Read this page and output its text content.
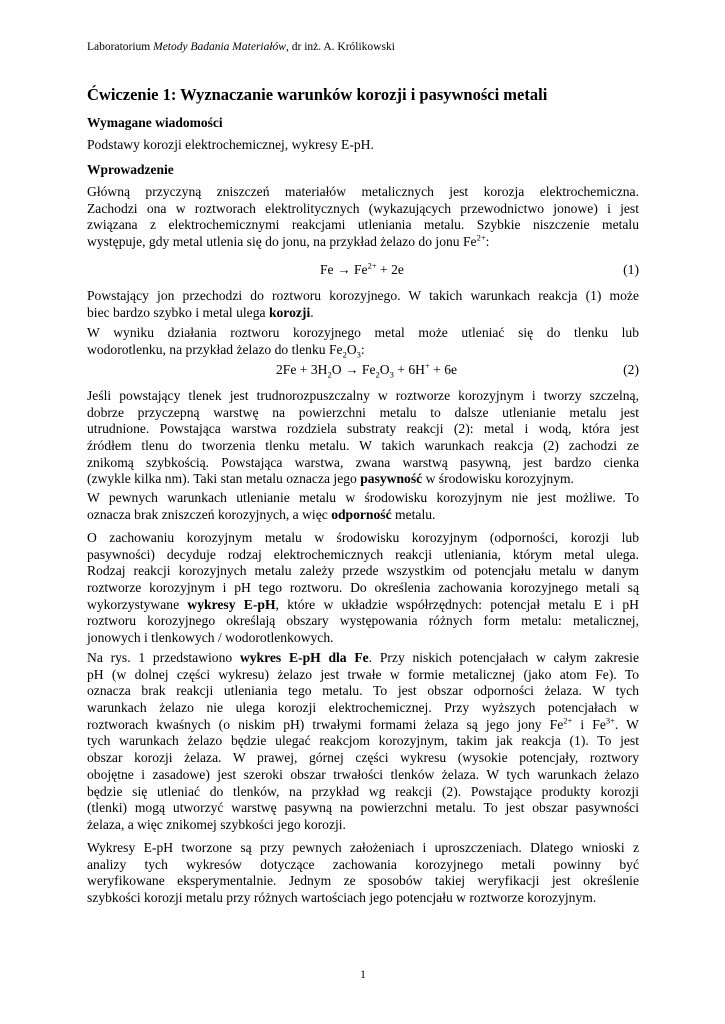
Laboratorium Metody Badania Materiałów, dr inż. A. Królikowski
Ćwiczenie 1: Wyznaczanie warunków korozji i pasywności metali
Wymagane wiadomości
Podstawy korozji elektrochemicznej, wykresy E-pH.
Wprowadzenie
Główną przyczyną zniszczeń materiałów metalicznych jest korozja elektrochemiczna.
Zachodzi ona w roztworach elektrolitycznych (wykazujących przewodnictwo jonowe) i jest
związana z elektrochemicznymi reakcjami utleniania metalu. Szybkie niszczenie metalu
występuje, gdy metal utlenia się do jonu, na przykład żelazo do jonu $Fe^{2+}$:
$Fe \to Fe^{2+} + 2e$	(1)
Powstający jon przechodzi do roztworu korozyjnego. W takich warunkach reakcja (1) może
biec bardzo szybko i metal ulega korozji.
W wyniku działania roztworu korozyjnego metal może utleniać się do tlenku lub
wodorotlenku, na przykład żelazo do tlenku $Fe_2O_3$:
$2Fe + 3H_2O \to Fe_2O_3 + 6H^+ + 6e$	(2)
Jeśli powstający tlenek jest trudnorozpuszczalny w roztworze korozyjnym i tworzy szczelną,
dobrze przyczepną warstwę na powierzchni metalu to dalsze utlenianie metalu jest
utrudnione. Powstająca warstwa rozdziela substraty reakcji (2): metal i wodą, która jest
źródłem tlenu do tworzenia tlenku metalu. W takich warunkach reakcja (2) zachodzi ze
znikomą szybkością. Powstająca warstwa, zwana warstwą pasywną, jest bardzo cienka
(zwykle kilka nm). Taki stan metalu oznacza jego pasywność w środowisku korozyjnym.
W pewnych warunkach utlenianie metalu w środowisku korozyjnym nie jest możliwe. To
oznacza brak zniszczeń korozyjnych, a więc odporność metalu.
O zachowaniu korozyjnym metalu w środowisku korozyjnym (odporności, korozji lub
pasywności) decyduje rodzaj elektrochemicznych reakcji utleniania, którym metal ulega.
Rodzaj reakcji korozyjnych metalu zależy przede wszystkim od potencjału metalu w danym
roztworze korozyjnym i pH tego roztworu. Do określenia zachowania korozyjnego metali są
wykorzystywane wykresy E-pH, które w układzie współrzędnych: potencjał metalu E i pH
roztworu korozyjnego określają obszary występowania różnych form metalu: metalicznej,
jonowych i tlenkowych / wodorotlenkowych.
Na rys. 1 przedstawiono wykres E-pH dla Fe. Przy niskich potencjałach w całym zakresie
pH (w dolnej części wykresu) żelazo jest trwałe w formie metalicznej (jako atom Fe). To
oznacza brak reakcji utleniania tego metalu. To jest obszar odporności żelaza. W tych
warunkach żelazo nie ulega korozji elektrochemicznej. Przy wyższych potencjałach w
roztworach kwaśnych (o niskim pH) trwałymi formami żelaza są jego jony $Fe^{2+}$ i $Fe^{3+}$. W
tych warunkach żelazo będzie ulegać reakcjom korozyjnym, takim jak reakcja (1). To jest
obszar korozji żelaza. W prawej, górnej części wykresu (wysokie potencjały, roztwory
obojętne i zasadowe) jest szeroki obszar trwałości tlenków żelaza. W tych warunkach żelazo
będzie się utleniać do tlenków, na przykład wg reakcji (2). Powstające produkty korozji
(tlenki) mogą utworzyć warstwę pasywną na powierzchni metalu. To jest obszar pasywności
żelaza, a więc znikomej szybkości jego korozji.
Wykresy E-pH tworzone są przy pewnych założeniach i uproszczeniach. Dlatego wnioski z
analizy tych wykresów dotyczące zachowania korozyjnego metali powinny być
weryfikowane eksperymentalnie. Jednym ze sposobów takiej weryfikacji jest określenie
szybkości korozji metalu przy różnych wartościach jego potencjału w roztworze korozyjnym.
1
